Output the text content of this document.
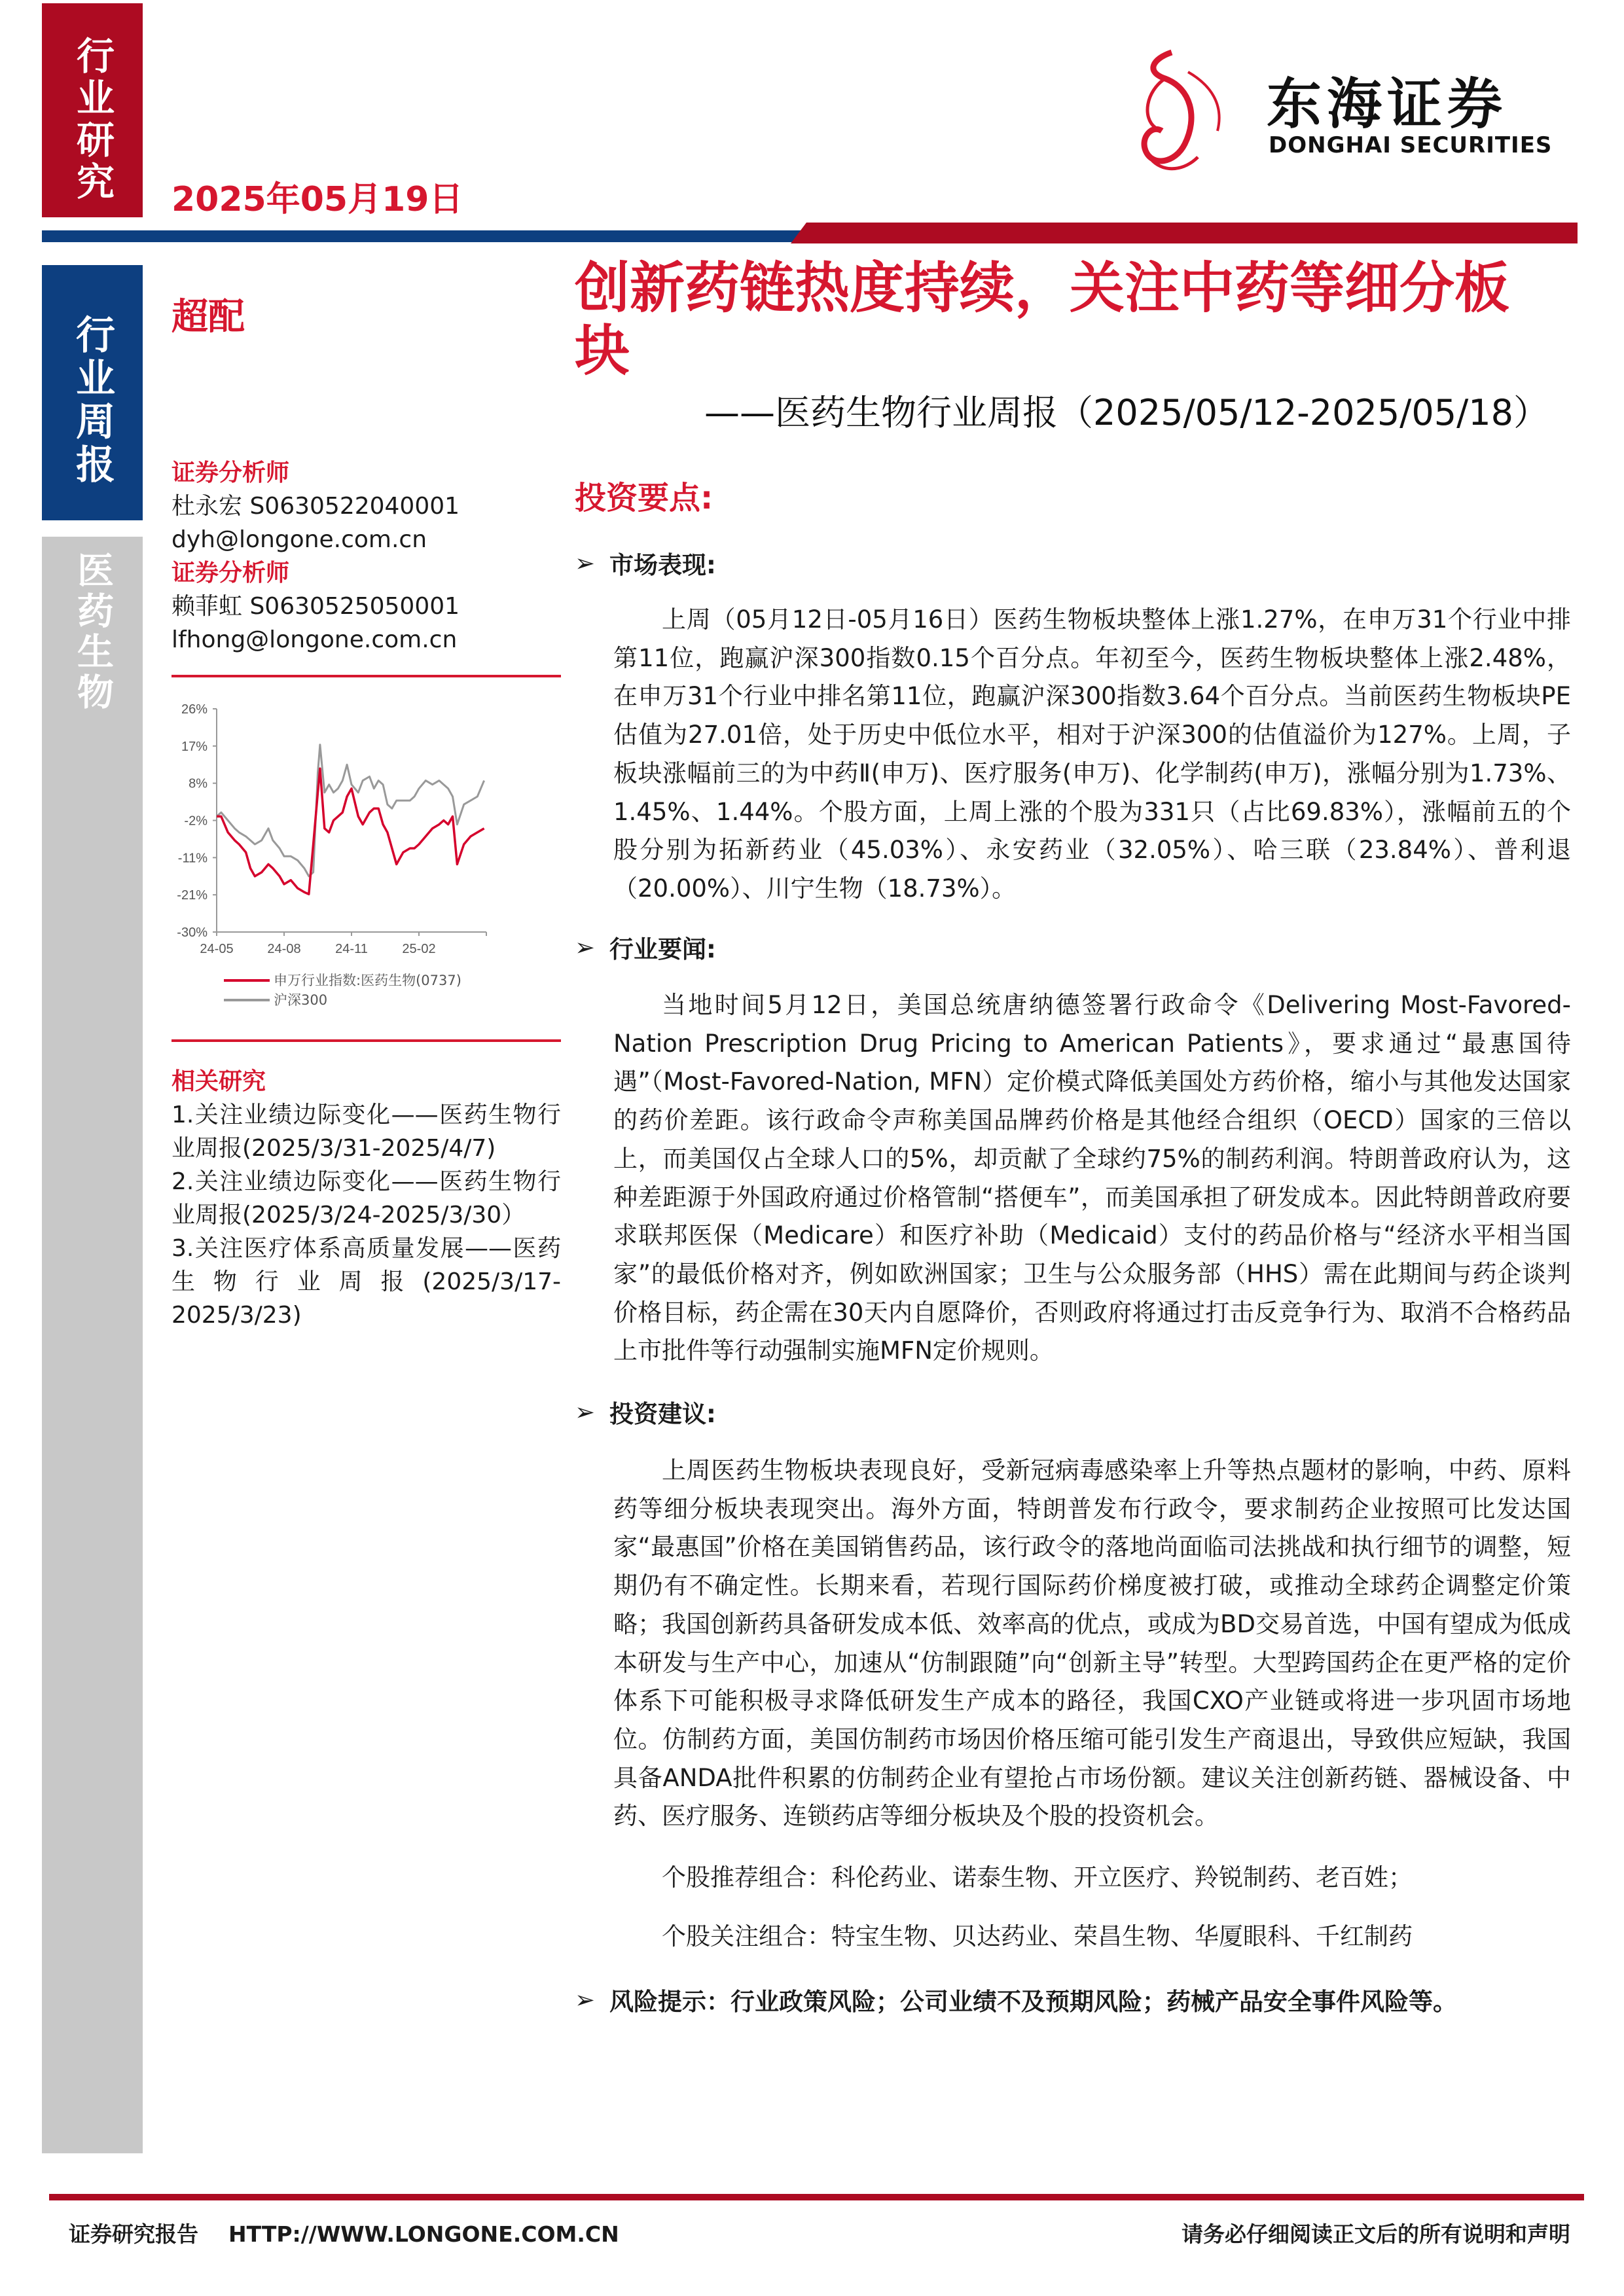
行业研究
行业周报
医药生物
2025年05月19日
东海证券
DONGHAI SECURITIES
超配	创新药链热度持续，关注中药等细分板块
——医药生物行业周报（2025/05/12-2025/05/18）
证券分析师
杜永宏 S0630522040001
dyh@longone.com.cn
证券分析师
赖菲虹 S0630525050001
lfhong@longone.com.cn
26%
17%
8%
-2%
-11%
-21%
-30%
24-05	24-08	24-11	25-02
申万行业指数:医药生物(0737)
沪深300
相关研究
1.关注业绩边际变化——医药生物行业周报(2025/3/31-2025/4/7)
2.关注业绩边际变化——医药生物行业周报(2025/3/24-2025/3/30）
3.关注医疗体系高质量发展——医药生物行业周报(2025/3/17-2025/3/23)
投资要点:
➢ 市场表现:
上周（05月12日-05月16日）医药生物板块整体上涨1.27%，在申万31个行业中排第11位，跑赢沪深300指数0.15个百分点。年初至今，医药生物板块整体上涨2.48%，在申万31个行业中排名第11位，跑赢沪深300指数3.64个百分点。当前医药生物板块PE估值为27.01倍，处于历史中低位水平，相对于沪深300的估值溢价为127%。上周，子板块涨幅前三的为中药Ⅱ(申万)、医疗服务(申万)、化学制药(申万)，涨幅分别为1.73%、1.45%、1.44%。个股方面，上周上涨的个股为331只（占比69.83%），涨幅前五的个股分别为拓新药业（45.03%）、永安药业（32.05%）、哈三联（23.84%）、普利退（20.00%）、川宁生物（18.73%）。
➢ 行业要闻:
当地时间5月12日，美国总统唐纳德签署行政命令《Delivering Most-Favored-Nation Prescription Drug Pricing to American Patients》，要求通过“最惠国待遇”（Most-Favored-Nation, MFN）定价模式降低美国处方药价格，缩小与其他发达国家的药价差距。该行政命令声称美国品牌药价格是其他经合组织（OECD）国家的三倍以上，而美国仅占全球人口的5%，却贡献了全球约75%的制药利润。特朗普政府认为，这种差距源于外国政府通过价格管制“搭便车”，而美国承担了研发成本。因此特朗普政府要求联邦医保（Medicare）和医疗补助（Medicaid）支付的药品价格与“经济水平相当国家”的最低价格对齐，例如欧洲国家；卫生与公众服务部（HHS）需在此期间与药企谈判价格目标，药企需在30天内自愿降价，否则政府将通过打击反竞争行为、取消不合格药品上市批件等行动强制实施MFN定价规则。
➢ 投资建议:
上周医药生物板块表现良好，受新冠病毒感染率上升等热点题材的影响，中药、原料药等细分板块表现突出。海外方面，特朗普发布行政令，要求制药企业按照可比发达国家“最惠国”价格在美国销售药品，该行政令的落地尚面临司法挑战和执行细节的调整，短期仍有不确定性。长期来看，若现行国际药价梯度被打破，或推动全球药企调整定价策略；我国创新药具备研发成本低、效率高的优点，或成为BD交易首选，中国有望成为低成本研发与生产中心，加速从“仿制跟随”向“创新主导”转型。大型跨国药企在更严格的定价体系下可能积极寻求降低研发生产成本的路径，我国CXO产业链或将进一步巩固市场地位。仿制药方面，美国仿制药市场因价格压缩可能引发生产商退出，导致供应短缺，我国具备ANDA批件积累的仿制药企业有望抢占市场份额。建议关注创新药链、器械设备、中药、医疗服务、连锁药店等细分板块及个股的投资机会。
个股推荐组合：科伦药业、诺泰生物、开立医疗、羚锐制药、老百姓；
个股关注组合：特宝生物、贝达药业、荣昌生物、华厦眼科、千红制药
➢ 风险提示：行业政策风险；公司业绩不及预期风险；药械产品安全事件风险等。
证券研究报告    HTTP://WWW.LONGONE.COM.CN	请务必仔细阅读正文后的所有说明和声明
